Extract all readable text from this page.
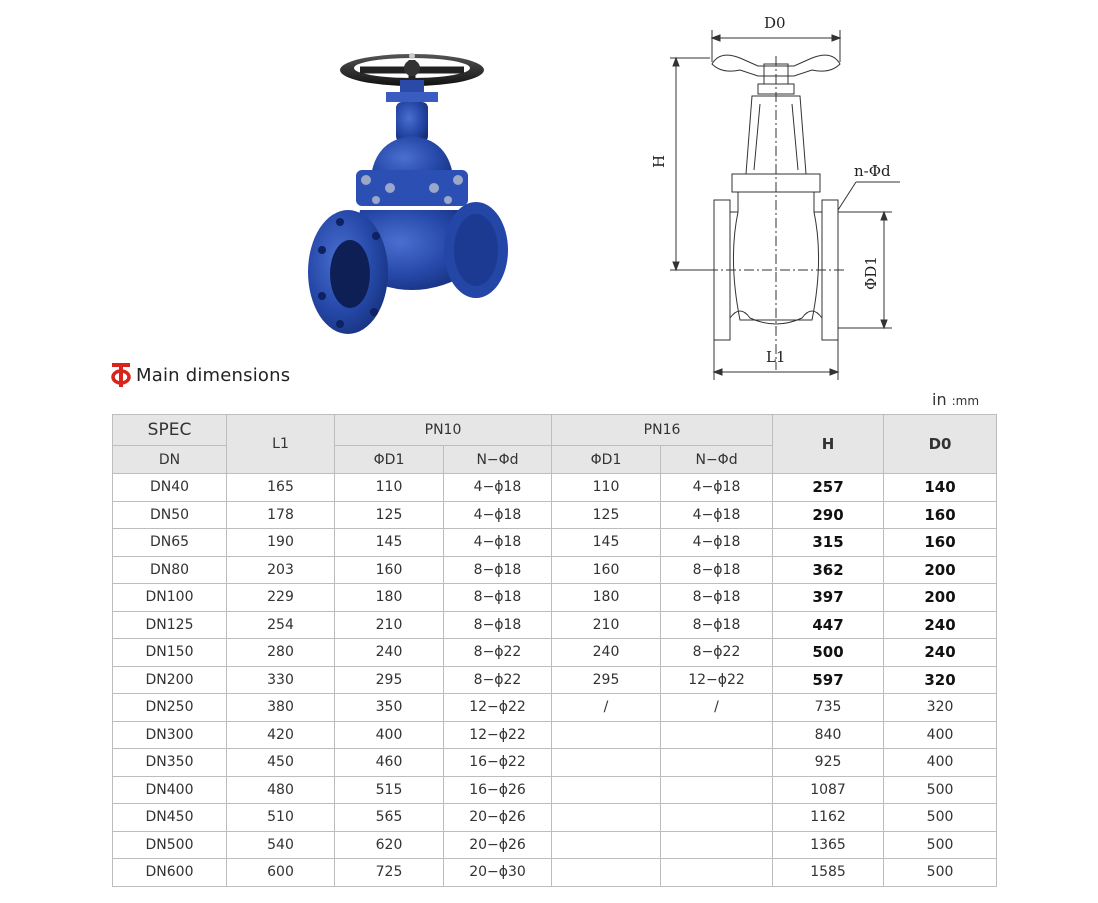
D0
H
n-Φd
ΦD1
L1
Main dimensions
in :mm
SPEC	L1	PN10		PN16		H	D0
DN		ΦD1	N−Φd	ΦD1	N−Φd		
DN40	165	110	4−ϕ18	110	4−ϕ18	257	140
DN50	178	125	4−ϕ18	125	4−ϕ18	290	160
DN65	190	145	4−ϕ18	145	4−ϕ18	315	160
DN80	203	160	8−ϕ18	160	8−ϕ18	362	200
DN100	229	180	8−ϕ18	180	8−ϕ18	397	200
DN125	254	210	8−ϕ18	210	8−ϕ18	447	240
DN150	280	240	8−ϕ22	240	8−ϕ22	500	240
DN200	330	295	8−ϕ22	295	12−ϕ22	597	320
DN250	380	350	12−ϕ22	/	/	735	320
DN300	420	400	12−ϕ22			840	400
DN350	450	460	16−ϕ22			925	400
DN400	480	515	16−ϕ26			1087	500
DN450	510	565	20−ϕ26			1162	500
DN500	540	620	20−ϕ26			1365	500
DN600	600	725	20−ϕ30			1585	500
